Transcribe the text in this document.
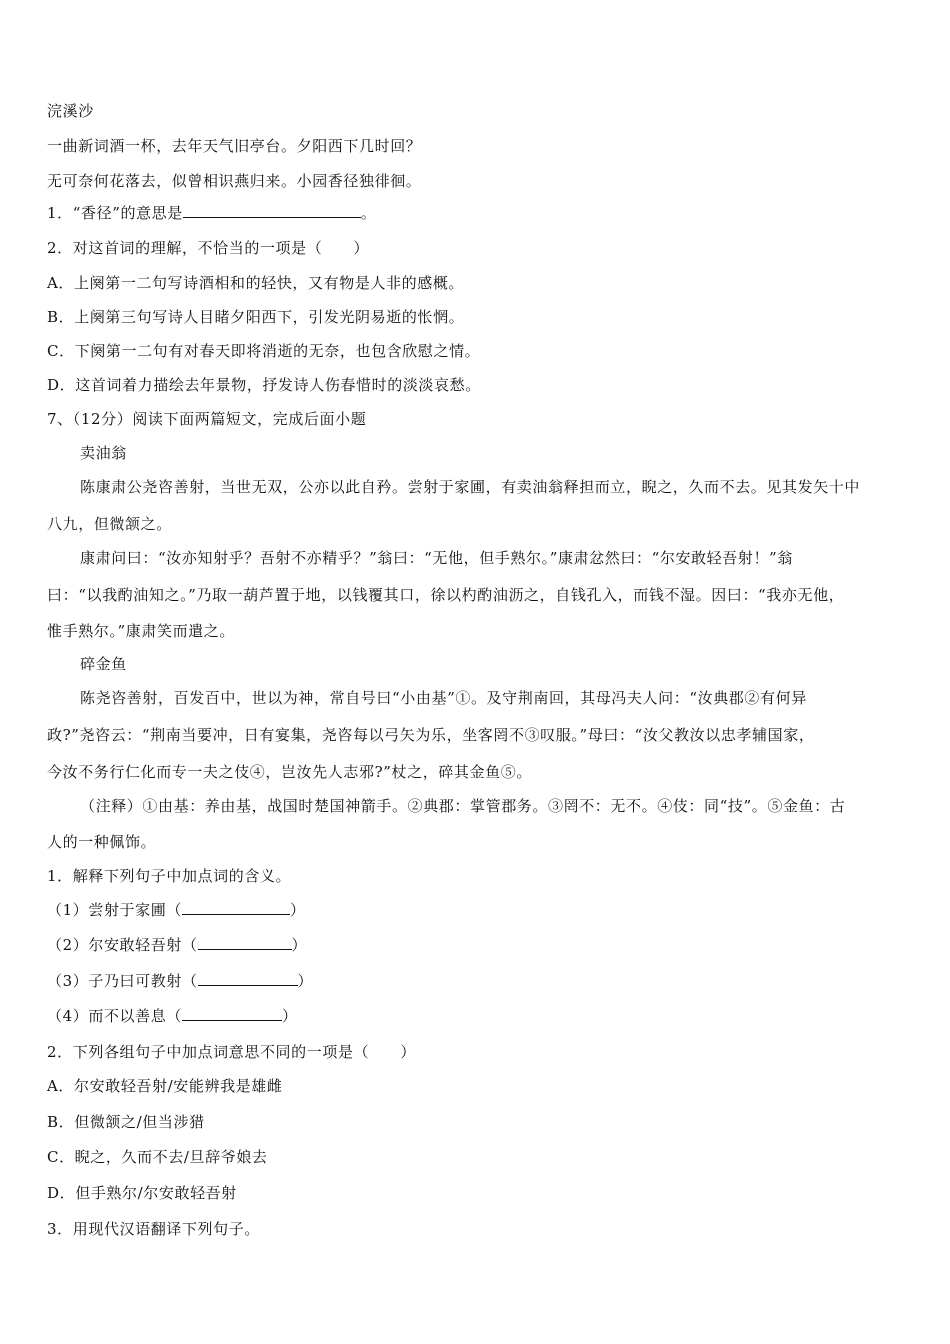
浣溪沙
一曲新词酒一杯，去年天气旧亭台。夕阳西下几时回？
无可奈何花落去，似曾相识燕归来。小园香径独徘徊。
1．“香径”的意思是	。
2．对这首词的理解，不恰当的一项是（　　）
A．上阕第一二句写诗酒相和的轻快，又有物是人非的感概。
B．上阕第三句写诗人目睹夕阳西下，引发光阴易逝的怅惘。
C．下阕第一二句有对春天即将消逝的无奈，也包含欣慰之情。
D．这首词着力描绘去年景物，抒发诗人伤春惜时的淡淡哀愁。
7、（12分）阅读下面两篇短文，完成后面小题
卖油翁
陈康肃公尧咨善射，当世无双，公亦以此自矜。尝射于家圃，有卖油翁释担而立，睨之，久而不去。见其发矢十中
八九，但微颔之。
康肃问曰：“汝亦知射乎？吾射不亦精乎？”翁曰：“无他，但手熟尔。”康肃忿然曰：“尔安敢轻吾射！”翁
曰：“以我酌油知之。”乃取一葫芦置于地，以钱覆其口，徐以杓酌油沥之，自钱孔入，而钱不湿。因曰：“我亦无他，
惟手熟尔。”康肃笑而遣之。
碎金鱼
陈尧咨善射，百发百中，世以为神，常自号曰“小由基”①。及守荆南回，其母冯夫人问：“汝典郡②有何异
政?”尧咨云：“荆南当要冲，日有宴集，尧咨每以弓矢为乐，坐客罔不③叹服。”母曰：“汝父教汝以忠孝辅国家，
今汝不务行仁化而专一夫之伎④，岂汝先人志邪?”杖之，碎其金鱼⑤。
（注释）①由基：养由基，战国时楚国神箭手。②典郡：掌管郡务。③罔不：无不。④伎：同“技”。⑤金鱼：古
人的一种佩饰。
1．解释下列句子中加点词的含义。
（1）尝射于家圃（	）
（2）尔安敢轻吾射（	）
（3）子乃曰可教射（	）
（4）而不以善息（	）
2．下列各组句子中加点词意思不同的一项是（　　）
A．尔安敢轻吾射/安能辨我是雄雌
B．但微颔之/但当涉猎
C．睨之，久而不去/旦辞爷娘去
D．但手熟尔/尔安敢轻吾射
3．用现代汉语翻译下列句子。
